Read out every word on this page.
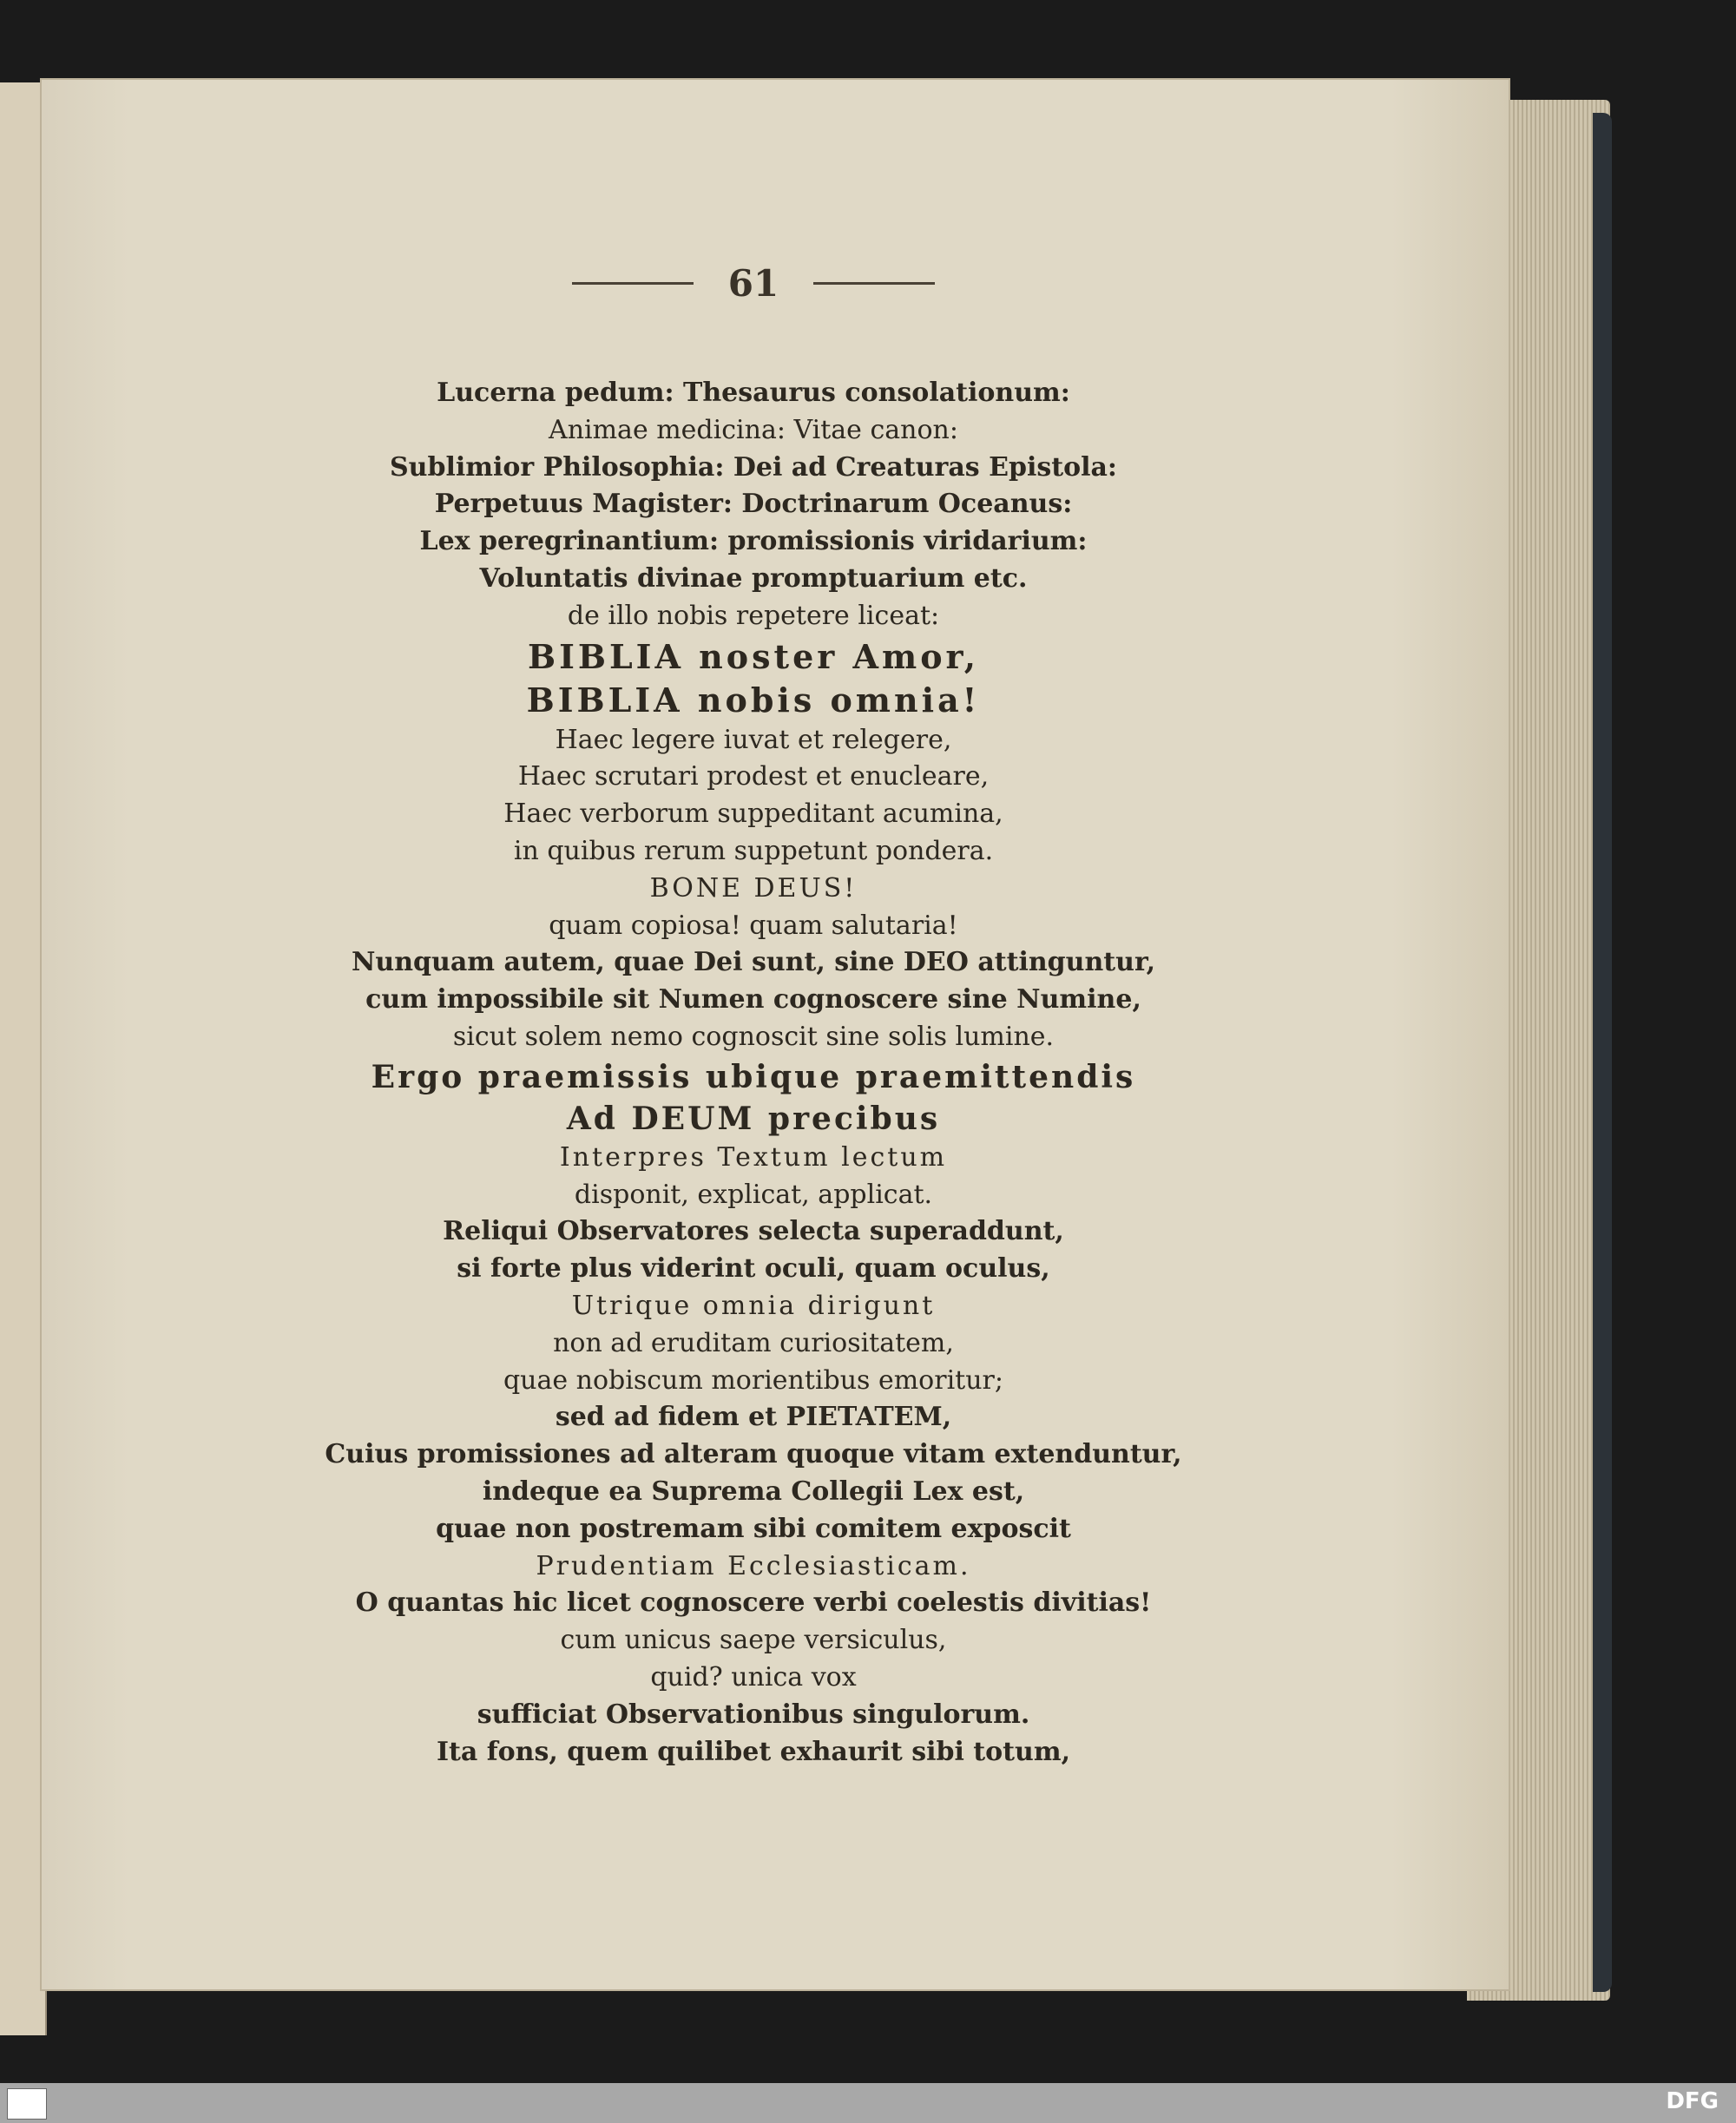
61
Lucerna pedum: Thesaurus consolationum:
Animae medicina: Vitae canon:
Sublimior Philosophia: Dei ad Creaturas Epistola:
Perpetuus Magister: Doctrinarum Oceanus:
Lex peregrinantium: promissionis viridarium:
Voluntatis divinae promptuarium etc.
de illo nobis repetere liceat:
BIBLIA noster Amor,
BIBLIA nobis omnia!
Haec legere iuvat et relegere,
Haec scrutari prodest et enucleare,
Haec verborum suppeditant acumina,
in quibus rerum suppetunt pondera.
BONE DEUS!
quam copiosa! quam salutaria!
Nunquam autem, quae Dei sunt, sine DEO attinguntur,
cum impossibile sit Numen cognoscere sine Numine,
sicut solem nemo cognoscit sine solis lumine.
Ergo praemissis ubique praemittendis
Ad DEUM precibus
Interpres Textum lectum
disponit, explicat, applicat.
Reliqui Observatores selecta superaddunt,
si forte plus viderint oculi, quam oculus,
Utrique omnia dirigunt
non ad eruditam curiositatem,
quae nobiscum morientibus emoritur;
sed ad fidem et PIETATEM,
Cuius promissiones ad alteram quoque vitam extenduntur,
indeque ea Suprema Collegii Lex est,
quae non postremam sibi comitem exposcit
Prudentiam Ecclesiasticam.
O quantas hic licet cognoscere verbi coelestis divitias!
cum unicus saepe versiculus,
quid? unica vox
sufficiat Observationibus singulorum.
Ita fons, quem quilibet exhaurit sibi totum,
DFG
